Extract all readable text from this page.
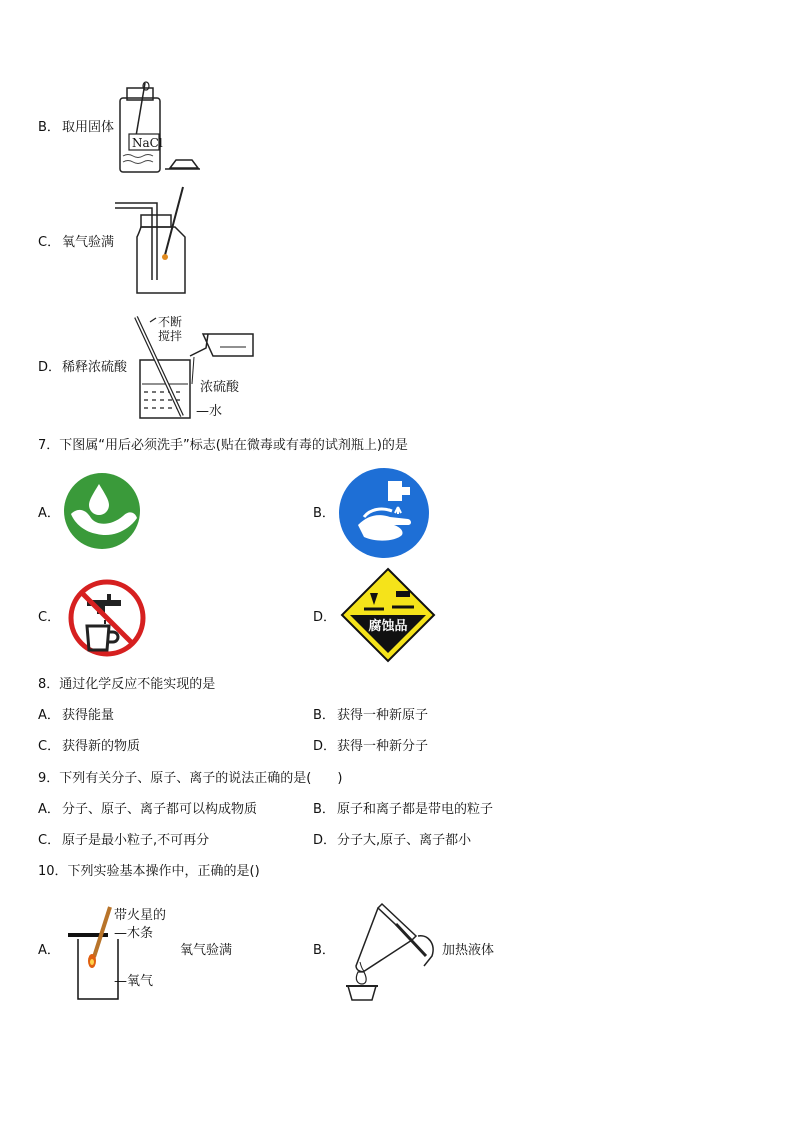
B． 取用固体
NaCl
C． 氧气验满
D． 稀释浓硫酸
不断
搅拌
浓硫酸
—水
7．下图属“用后必须洗手”标志(贴在微毒或有毒的试剂瓶上)的是
A．	B．
C．	D．
腐蚀品
8．通过化学反应不能实现的是
A． 获得能量	B． 获得一种新原子
C． 获得新的物质	D． 获得一种新分子
9．下列有关分子、原子、离子的说法正确的是(　　)
A． 分子、原子、离子都可以构成物质	B． 原子和离子都是带电的粒子
C． 原子是最小粒子,不可再分	D． 分子大,原子、离子都小
10．下列实验基本操作中，正确的是()
A．
带火星的
—木条
—氧气
氧气验满	B．	加热液体
